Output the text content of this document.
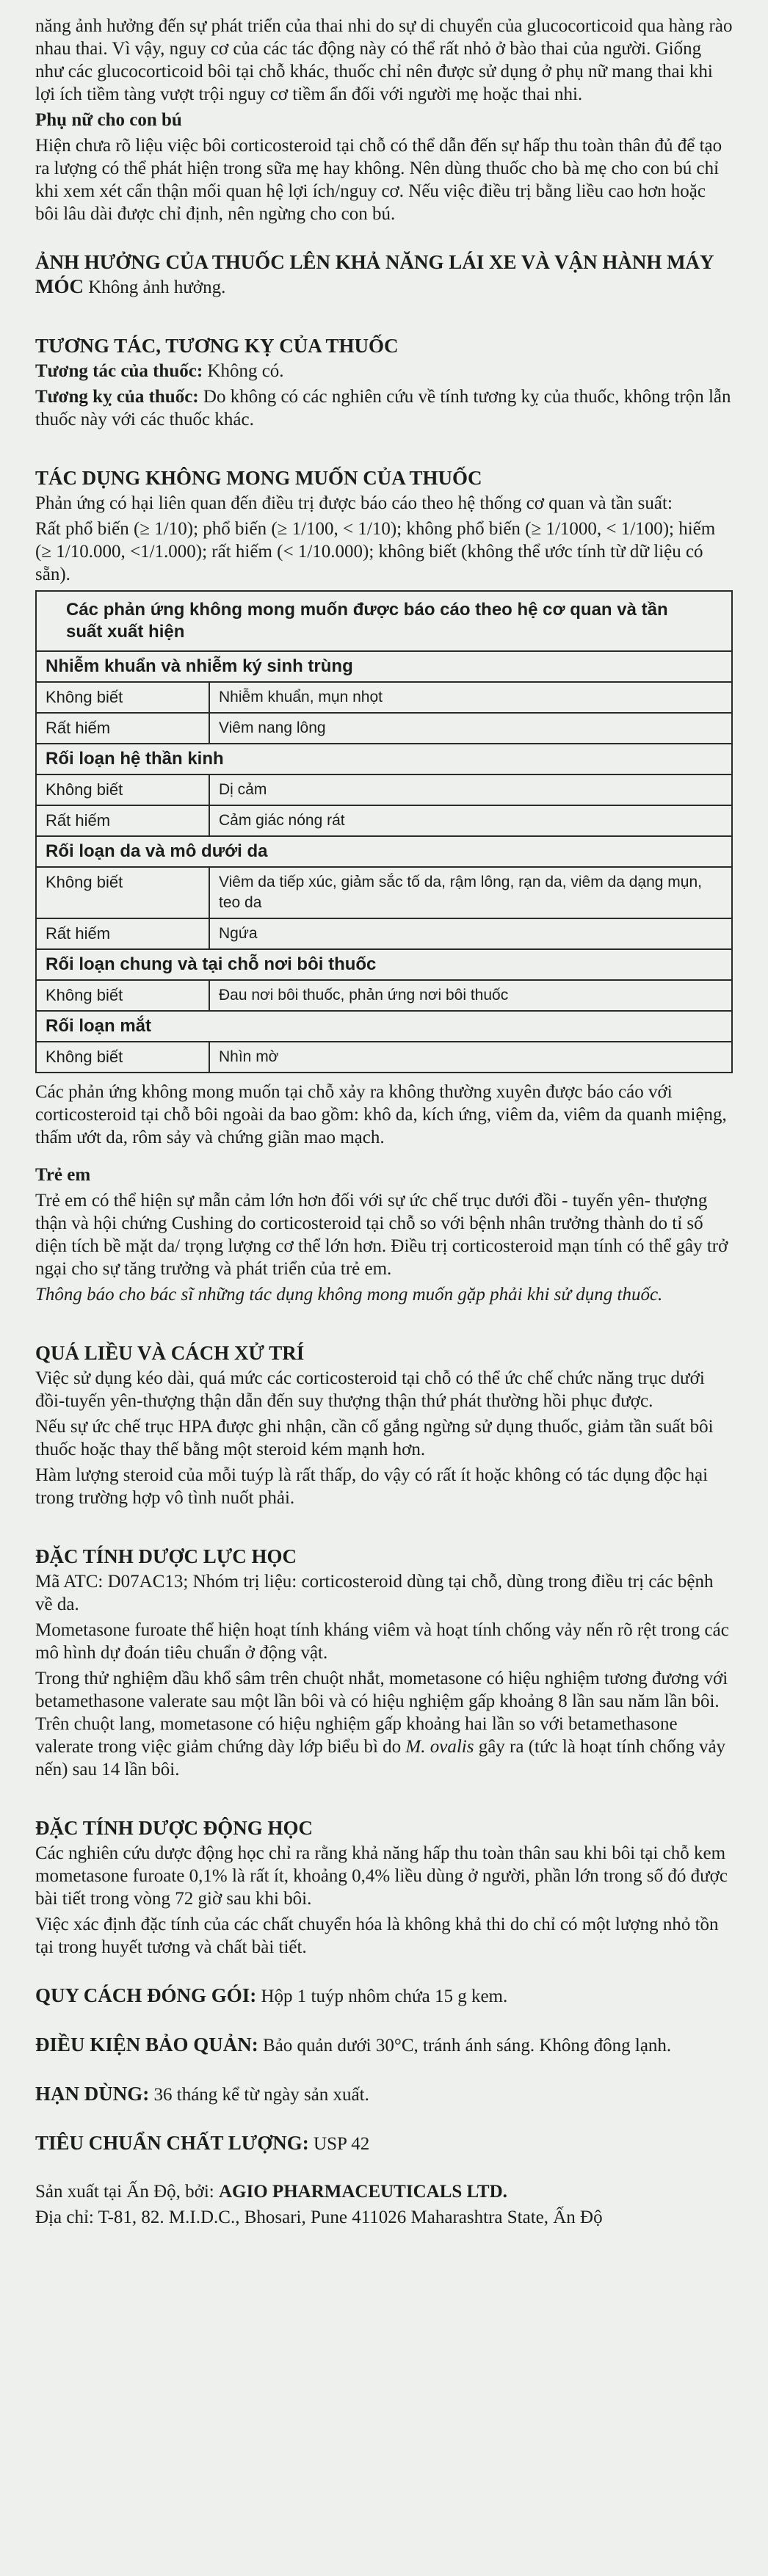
năng ảnh hưởng đến sự phát triển của thai nhi do sự di chuyển của glucocorticoid qua hàng rào nhau thai. Vì vậy, nguy cơ của các tác động này có thể rất nhỏ ở bào thai của người. Giống như các glucocorticoid bôi tại chỗ khác, thuốc chỉ nên được sử dụng ở phụ nữ mang thai khi lợi ích tiềm tàng vượt trội nguy cơ tiềm ẩn đối với người mẹ hoặc thai nhi.

Phụ nữ cho con bú

Hiện chưa rõ liệu việc bôi corticosteroid tại chỗ có thể dẫn đến sự hấp thu toàn thân đủ để tạo ra lượng có thể phát hiện trong sữa mẹ hay không. Nên dùng thuốc cho bà mẹ cho con bú chỉ khi xem xét cẩn thận mối quan hệ lợi ích/nguy cơ. Nếu việc điều trị bằng liều cao hơn hoặc bôi lâu dài được chỉ định, nên ngừng cho con bú.

ẢNH HƯỞNG CỦA THUỐC LÊN KHẢ NĂNG LÁI XE VÀ VẬN HÀNH MÁY MÓC Không ảnh hưởng.

TƯƠNG TÁC, TƯƠNG KỴ CỦA THUỐC

Tương tác của thuốc: Không có.

Tương kỵ của thuốc: Do không có các nghiên cứu về tính tương kỵ của thuốc, không trộn lẫn thuốc này với các thuốc khác.

TÁC DỤNG KHÔNG MONG MUỐN CỦA THUỐC

Phản ứng có hại liên quan đến điều trị được báo cáo theo hệ thống cơ quan và tần suất:

Rất phổ biến (≥ 1/10); phổ biến (≥ 1/100, < 1/10); không phổ biến (≥ 1/1000, < 1/100); hiếm (≥ 1/10.000, <1/1.000); rất hiếm (< 1/10.000); không biết (không thể ước tính từ dữ liệu có sẵn).

Các phản ứng không mong muốn được báo cáo theo hệ cơ quan và tần suất xuất hiện	
Nhiễm khuẩn và nhiễm ký sinh trùng	
Không biết	Nhiễm khuẩn, mụn nhọt
Rất hiếm	Viêm nang lông
Rối loạn hệ thần kinh	
Không biết	Dị cảm
Rất hiếm	Cảm giác nóng rát
Rối loạn da và mô dưới da	
Không biết	Viêm da tiếp xúc, giảm sắc tố da, rậm lông, rạn da, viêm da dạng mụn, teo da
Rất hiếm	Ngứa
Rối loạn chung và tại chỗ nơi bôi thuốc	
Không biết	Đau nơi bôi thuốc, phản ứng nơi bôi thuốc
Rối loạn mắt	
Không biết	Nhìn mờ

Các phản ứng không mong muốn tại chỗ xảy ra không thường xuyên được báo cáo với corticosteroid tại chỗ bôi ngoài da bao gồm: khô da, kích ứng, viêm da, viêm da quanh miệng, thấm ướt da, rôm sảy và chứng giãn mao mạch.

Trẻ em

Trẻ em có thể hiện sự mẫn cảm lớn hơn đối với sự ức chế trục dưới đồi - tuyến yên- thượng thận và hội chứng Cushing do corticosteroid tại chỗ so với bệnh nhân trưởng thành do tỉ số diện tích bề mặt da/ trọng lượng cơ thể lớn hơn. Điều trị corticosteroid mạn tính có thể gây trở ngại cho sự tăng trưởng và phát triển của trẻ em.

Thông báo cho bác sĩ những tác dụng không mong muốn gặp phải khi sử dụng thuốc.

QUÁ LIỀU VÀ CÁCH XỬ TRÍ

Việc sử dụng kéo dài, quá mức các corticosteroid tại chỗ có thể ức chế chức năng trục dưới đồi-tuyến yên-thượng thận dẫn đến suy thượng thận thứ phát thường hồi phục được.

Nếu sự ức chế trục HPA được ghi nhận, cần cố gắng ngừng sử dụng thuốc, giảm tần suất bôi thuốc hoặc thay thế bằng một steroid kém mạnh hơn.

Hàm lượng steroid của mỗi tuýp là rất thấp, do vậy có rất ít hoặc không có tác dụng độc hại trong trường hợp vô tình nuốt phải.

ĐẶC TÍNH DƯỢC LỰC HỌC

Mã ATC: D07AC13; Nhóm trị liệu: corticosteroid dùng tại chỗ, dùng trong điều trị các bệnh về da.

Mometasone furoate thể hiện hoạt tính kháng viêm và hoạt tính chống vảy nến rõ rệt trong các mô hình dự đoán tiêu chuẩn ở động vật.

Trong thử nghiệm dầu khổ sâm trên chuột nhắt, mometasone có hiệu nghiệm tương đương với betamethasone valerate sau một lần bôi và có hiệu nghiệm gấp khoảng 8 lần sau năm lần bôi. Trên chuột lang, mometasone có hiệu nghiệm gấp khoảng hai lần so với betamethasone valerate trong việc giảm chứng dày lớp biểu bì do M. ovalis gây ra (tức là hoạt tính chống vảy nến) sau 14 lần bôi.

ĐẶC TÍNH DƯỢC ĐỘNG HỌC

Các nghiên cứu dược động học chỉ ra rằng khả năng hấp thu toàn thân sau khi bôi tại chỗ kem mometasone furoate 0,1% là rất ít, khoảng 0,4% liều dùng ở người, phần lớn trong số đó được bài tiết trong vòng 72 giờ sau khi bôi.

Việc xác định đặc tính của các chất chuyển hóa là không khả thi do chỉ có một lượng nhỏ tồn tại trong huyết tương và chất bài tiết.

QUY CÁCH ĐÓNG GÓI: Hộp 1 tuýp nhôm chứa 15 g kem.

ĐIỀU KIỆN BẢO QUẢN: Bảo quản dưới 30°C, tránh ánh sáng. Không đông lạnh.

HẠN DÙNG: 36 tháng kể từ ngày sản xuất.

TIÊU CHUẨN CHẤT LƯỢNG: USP 42

Sản xuất tại Ấn Độ, bởi: AGIO PHARMACEUTICALS LTD.

Địa chỉ: T-81, 82. M.I.D.C., Bhosari, Pune 411026 Maharashtra State, Ấn Độ
